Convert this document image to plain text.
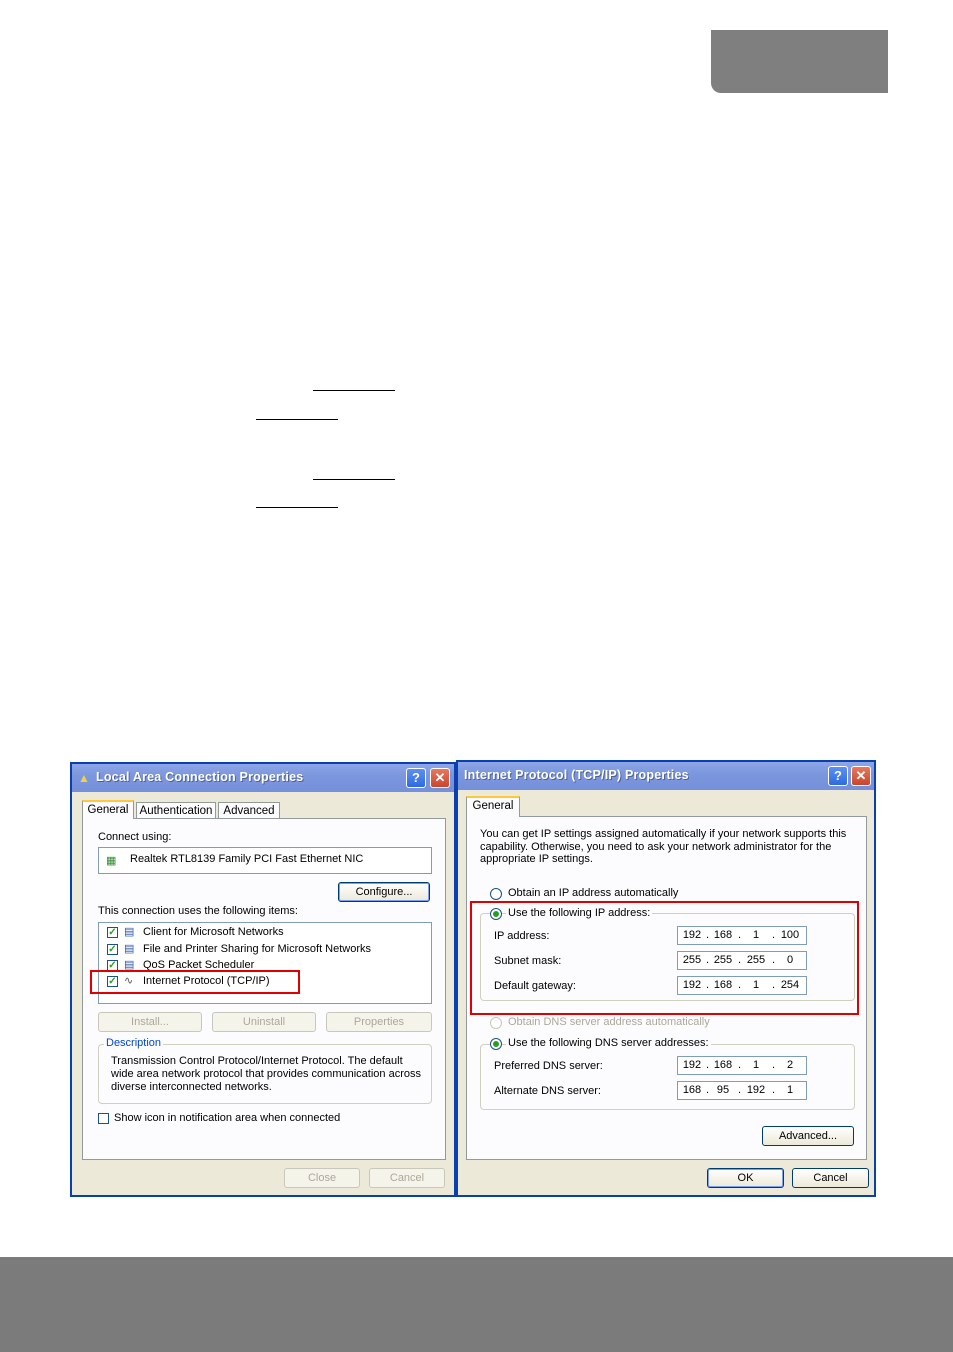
▲ Local Area Connection Properties	?	✕
General Authentication Advanced
Connect using:
▦	Realtek RTL8139 Family PCI Fast Ethernet NIC
Configure...
This connection uses the following items:
✓ ▤ Client for Microsoft Networks
✓ ▤ File and Printer Sharing for Microsoft Networks
✓ ▤ QoS Packet Scheduler
✓ ∿ Internet Protocol (TCP/IP)
Install...	Uninstall	Properties
Description
Transmission Control Protocol/Internet Protocol. The default wide area network protocol that provides communication across diverse interconnected networks.
Show icon in notification area when connected
Close	Cancel
Internet Protocol (TCP/IP) Properties	?	✕
General
You can get IP settings assigned automatically if your network supports this capability. Otherwise, you need to ask your network administrator for the appropriate IP settings.
Obtain an IP address automatically
Use the following IP address:
IP address:	192 . 168 .	1	. 100
Subnet mask:	255 . 255 . 255 .	0
Default gateway:	192 . 168 .	1	. 254
Obtain DNS server address automatically
Use the following DNS server addresses:
Preferred DNS server:	192 . 168 .	1	.	2
Alternate DNS server:	168 . 95 . 192 .	1
Advanced...
OK	Cancel
